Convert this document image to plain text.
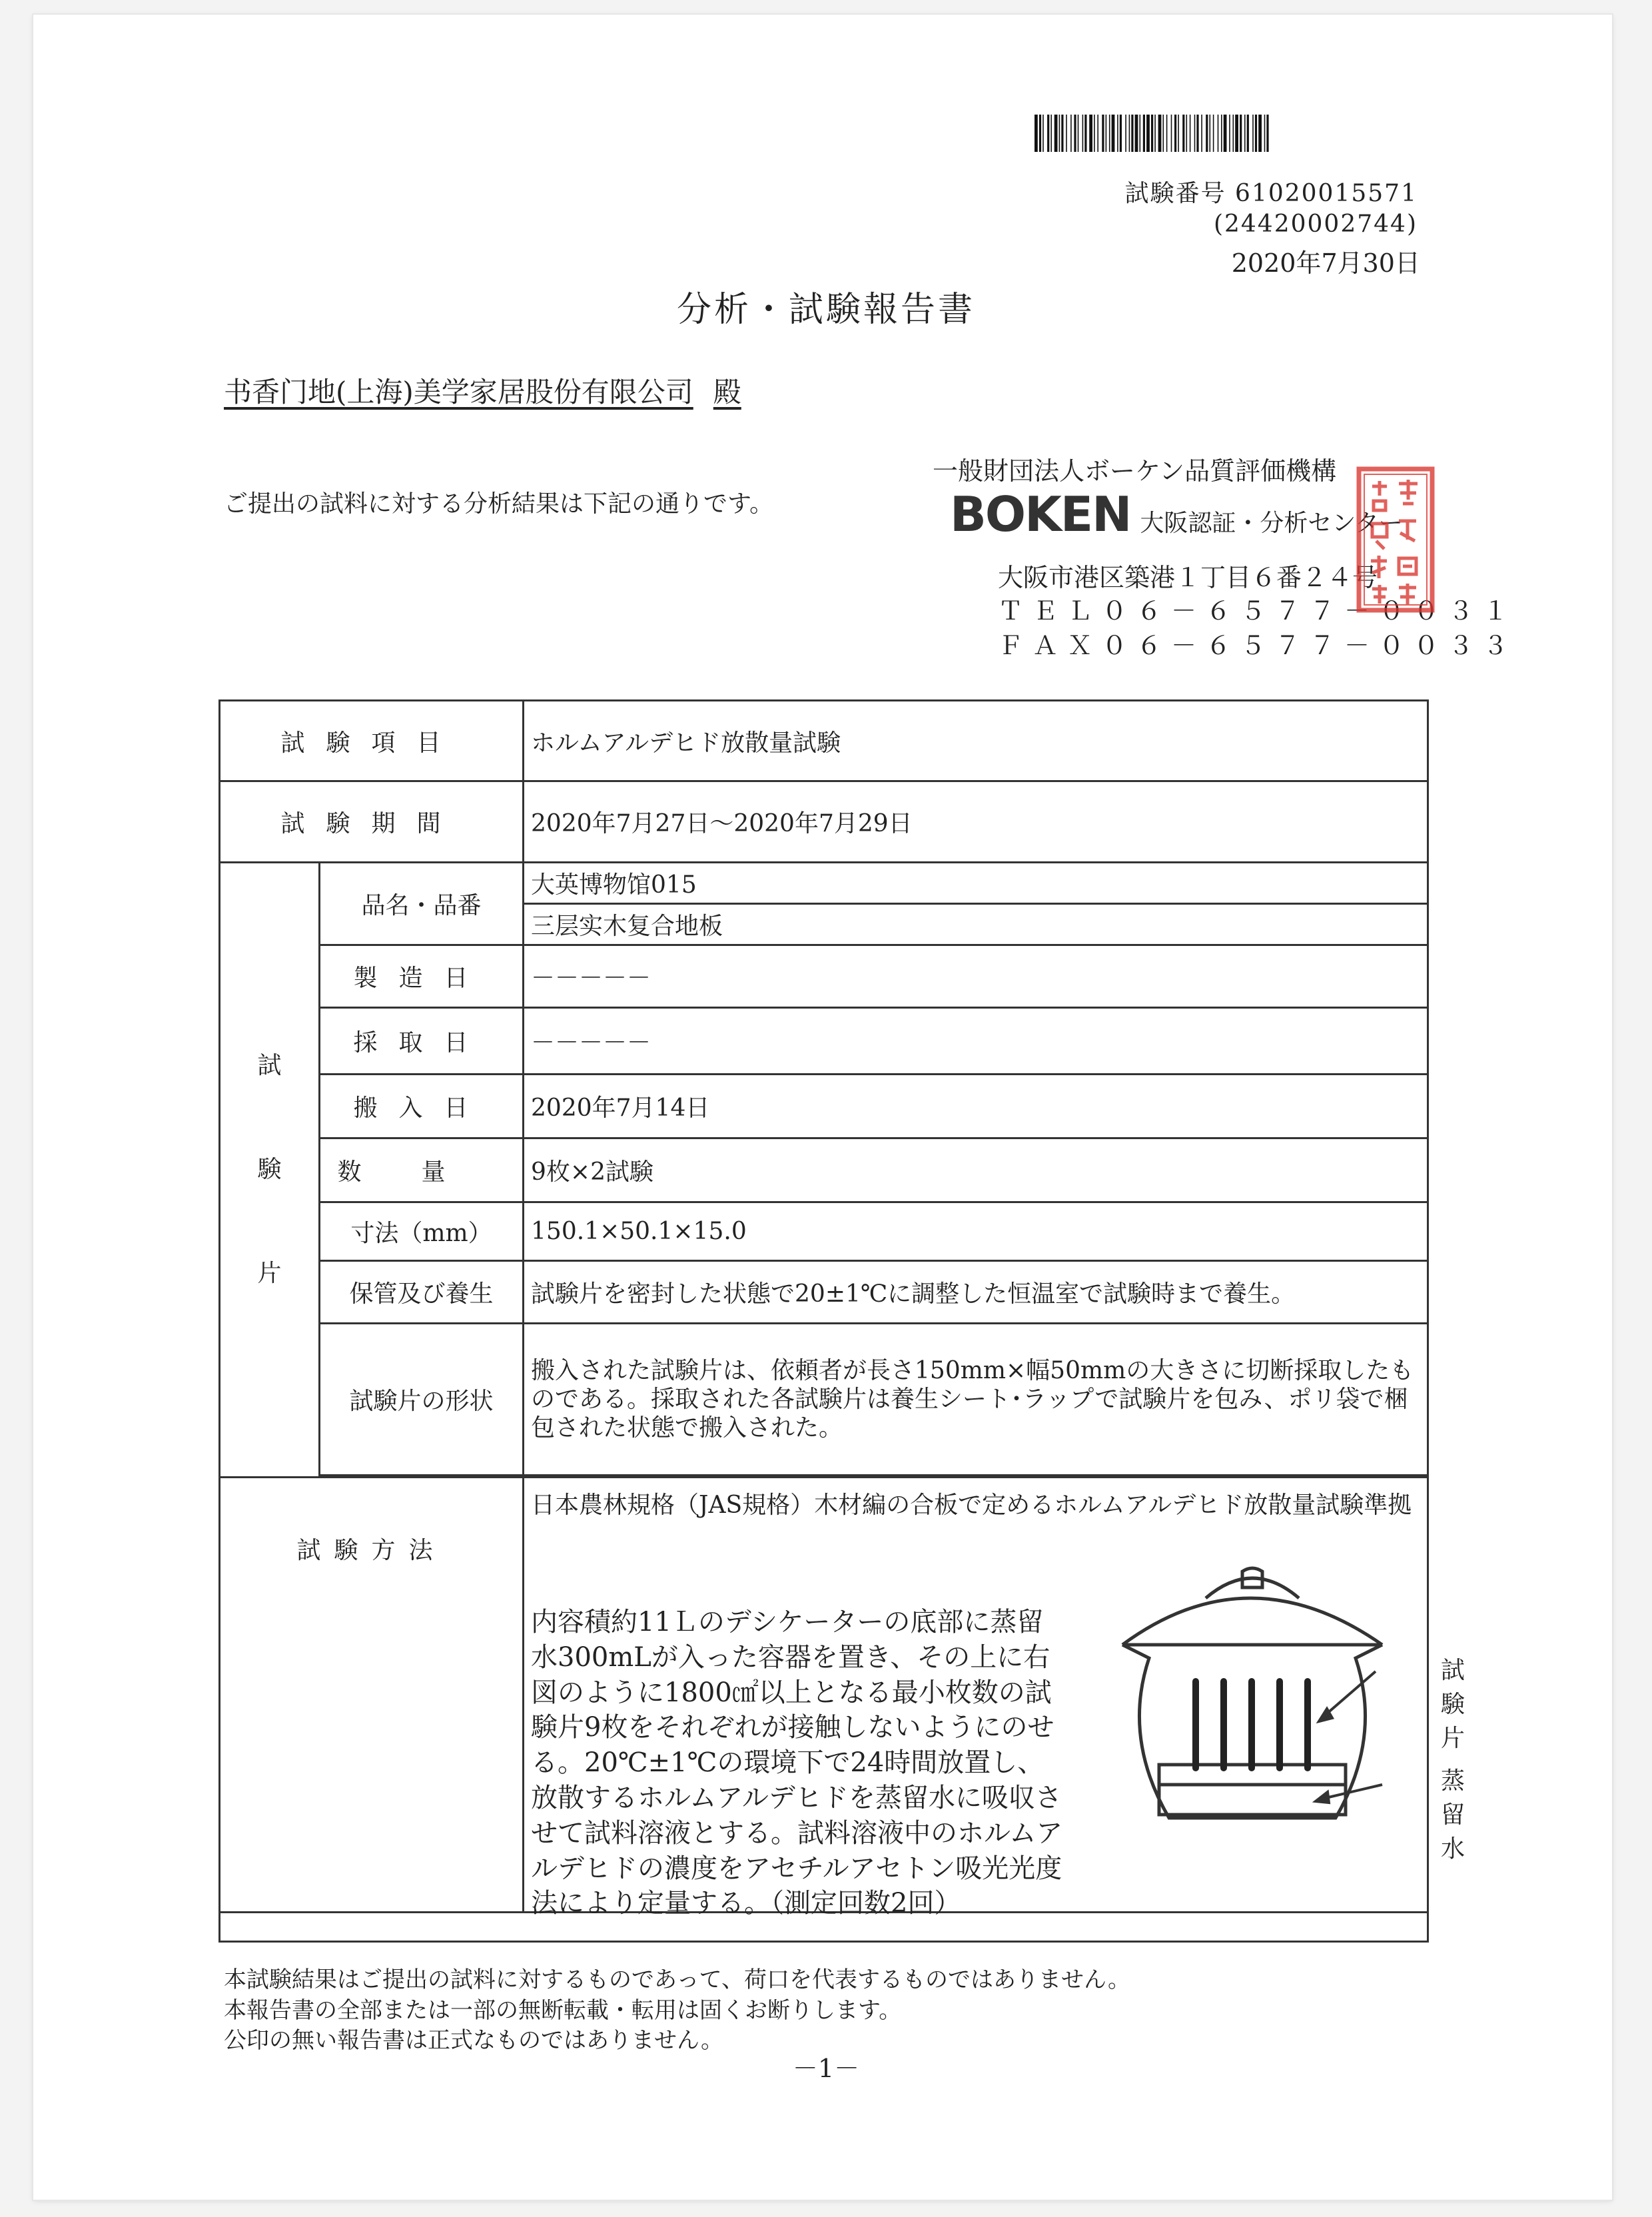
試験番号 61020015571
(24420002744)
2020年7月30日
分析・試験報告書
书香门地(上海)美学家居股份有限公司 殿
ご提出の試料に対する分析結果は下記の通りです。
一般財団法人ボーケン品質評価機構
BOKEN 大阪認証・分析センター
大阪市港区築港１丁目６番２４号
ＴＥＬ０６－６５７７－００３１
ＦＡＸ０６－６５７７－００３３
試験項目		ホルムアルデヒド放散量試験
試験期間		2020年7月27日～2020年7月29日

試
験
片	品名・品番	大英博物馆015
		三层实木复合地板
	製造日	－－－－－
	採取日	－－－－－
	搬入日	2020年7月14日
	数量	9枚×2試験
	寸法（mm）	150.1×50.1×15.0
	保管及び養生	試験片を密封した状態で20±1℃に調整した恒温室で試験時まで養生。
	試験片の形状	搬入された試験片は、依頼者が長さ150mm×幅50mmの大きさに切断採取したものである。採取された各試験片は養生シート･ラップで試験片を包み、ポリ袋で梱包された状態で搬入された。

試験方法		日本農林規格（JAS規格）木材編の合板で定めるホルムアルデヒド放散量試験準拠
内容積約11Ｌのデシケーターの底部に蒸留水300mLが入った容器を置き、その上に右図のように1800㎠以上となる最小枚数の試験片9枚をそれぞれが接触しないようにのせる。20℃±1℃の環境下で24時間放置し、放散するホルムアルデヒドを蒸留水に吸収させて試料溶液とする。試料溶液中のホルムアルデヒドの濃度をアセチルアセトン吸光光度法により定量する。（測定回数2回）
試験片
蒸留水

本試験結果はご提出の試料に対するものであって、荷口を代表するものではありません。
本報告書の全部または一部の無断転載・転用は固くお断りします。
公印の無い報告書は正式なものではありません。
－1－
